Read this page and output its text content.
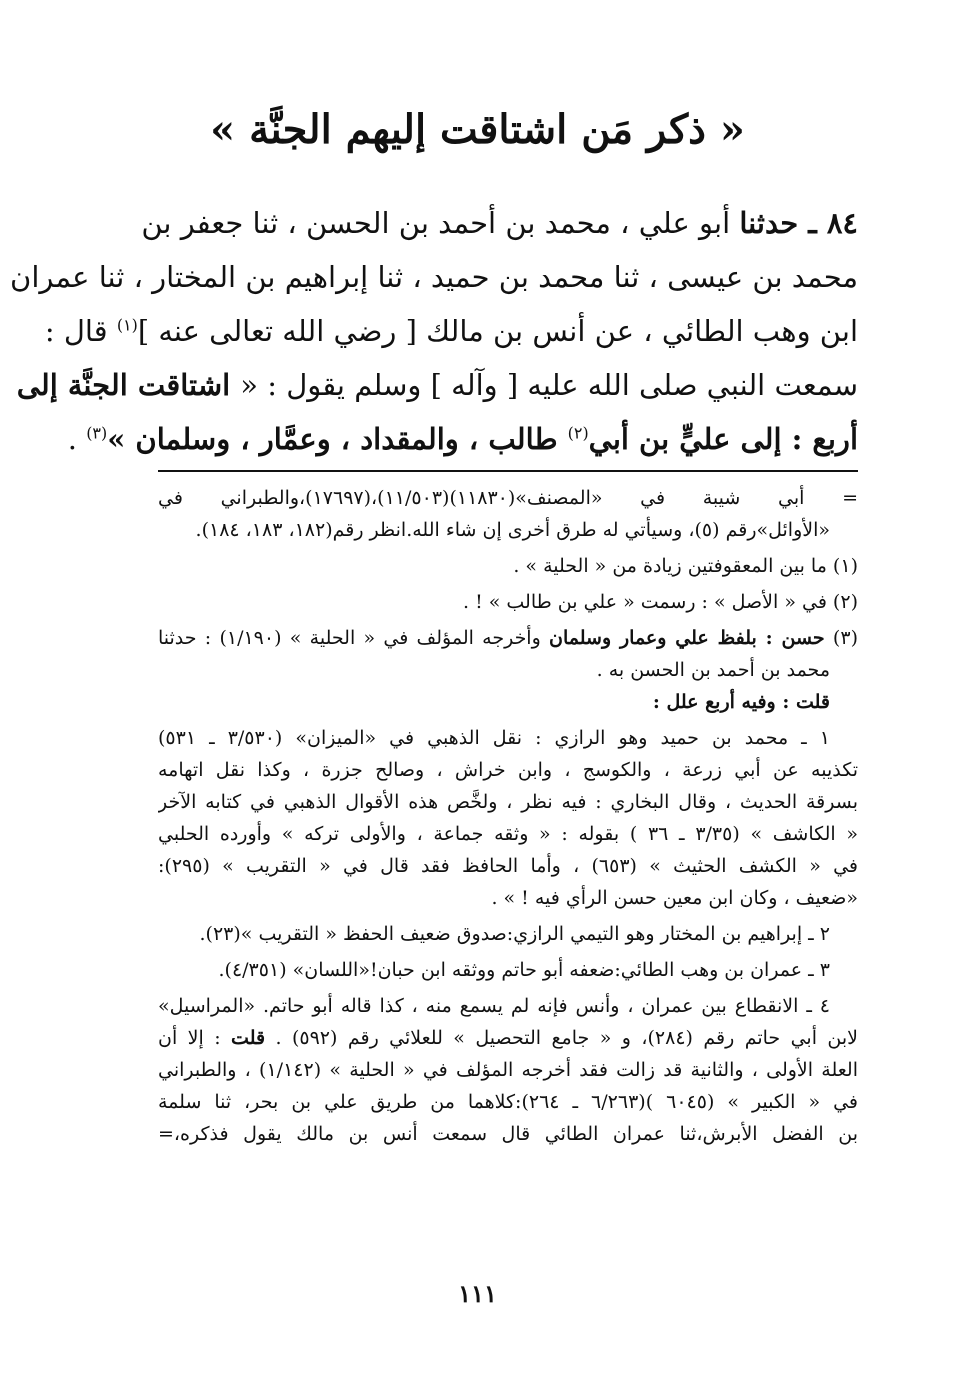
« ذكر مَن اشتاقت إليهم الجنَّة »
٨٤ ـ حدثنا أبو علي ، محمد بن أحمد بن الحسن ، ثنا جعفر بن
محمد بن عيسى ، ثنا محمد بن حميد ، ثنا إبراهيم بن المختار ، ثنا عمران
ابن وهب الطائي ، عن أنس بن مالك [ رضي الله تعالى عنه ]$^{(١)}$ قال :
سمعت النبي صلى الله عليه [ وآله ] وسلم يقول : « اشتاقت الجنَّة إلى
أربع : إلى عليٍّ بن أبي$^{(٢)}$ طالب ، والمقداد ، وعمَّار ، وسلمان »$^{(٣)}$ .
= أبي شيبة في «المصنف»(١١٨٣٠)(١١/٥٠٣)،(١٧٦٩٧)،والطبراني في
«الأوائل»رقم (٥)، وسيأتي له طرق أخرى إن شاء الله.انظر رقم(١٨٢، ١٨٣، ١٨٤).
(١) ما بين المعقوفتين زيادة من « الحلية » .
(٢) في « الأصل » : رسمت « علي بن طالب » ! .
(٣) حسن : بلفظ علي وعمار وسلمان وأخرجه المؤلف في « الحلية » (١/١٩٠) : حدثنا
محمد بن أحمد بن الحسن به .
قلت : وفيه أربع علل :
١ ـ محمد بن حميد وهو الرازي : نقل الذهبي في «الميزان» (٣/٥٣٠ ـ ٥٣١)
تكذيبه عن أبي زرعة ، والكوسج ، وابن خراش ، وصالح جزرة ، وكذا نقل اتهامه
بسرقة الحديث ، وقال البخاري : فيه نظر ، ولخَّص هذه الأقوال الذهبي في كتابه الآخر
« الكاشف » (٣/٣٥ ـ ٣٦ ) بقوله : « وثقه جماعة ، والأولى تركه » وأورده الحلبي
في « الكشف الحثيث » (٦٥٣) ، وأما الحافظ فقد قال في « التقريب » (٢٩٥):
«ضعيف ، وكان ابن معين حسن الرأي فيه ! » .
٢ ـ إبراهيم بن المختار وهو التيمي الرازي:صدوق ضعيف الحفظ « التقريب »(٢٣).
٣ ـ عمران بن وهب الطائي:ضعفه أبو حاتم ووثقه ابن حبان!«اللسان» (٤/٣٥١).
٤ ـ الانقطاع بين عمران ، وأنس فإنه لم يسمع منه ، كذا قاله أبو حاتم. «المراسيل»
لابن أبي حاتم رقم (٢٨٤)، و « جامع التحصيل » للعلائي رقم (٥٩٢) . قلت : إلا أن
العلة الأولى ، والثانية قد زالت فقد أخرجه المؤلف في « الحلية » (١/١٤٢) ، والطبراني
في « الكبير » (٦٠٤٥ )(٦/٢٦٣ ـ ٢٦٤):كلاهما من طريق علي بن بحر، ثنا سلمة
بن الفضل الأبرش،ثنا عمران الطائي قال سمعت أنس بن مالك يقول فذكره،=
١١١
